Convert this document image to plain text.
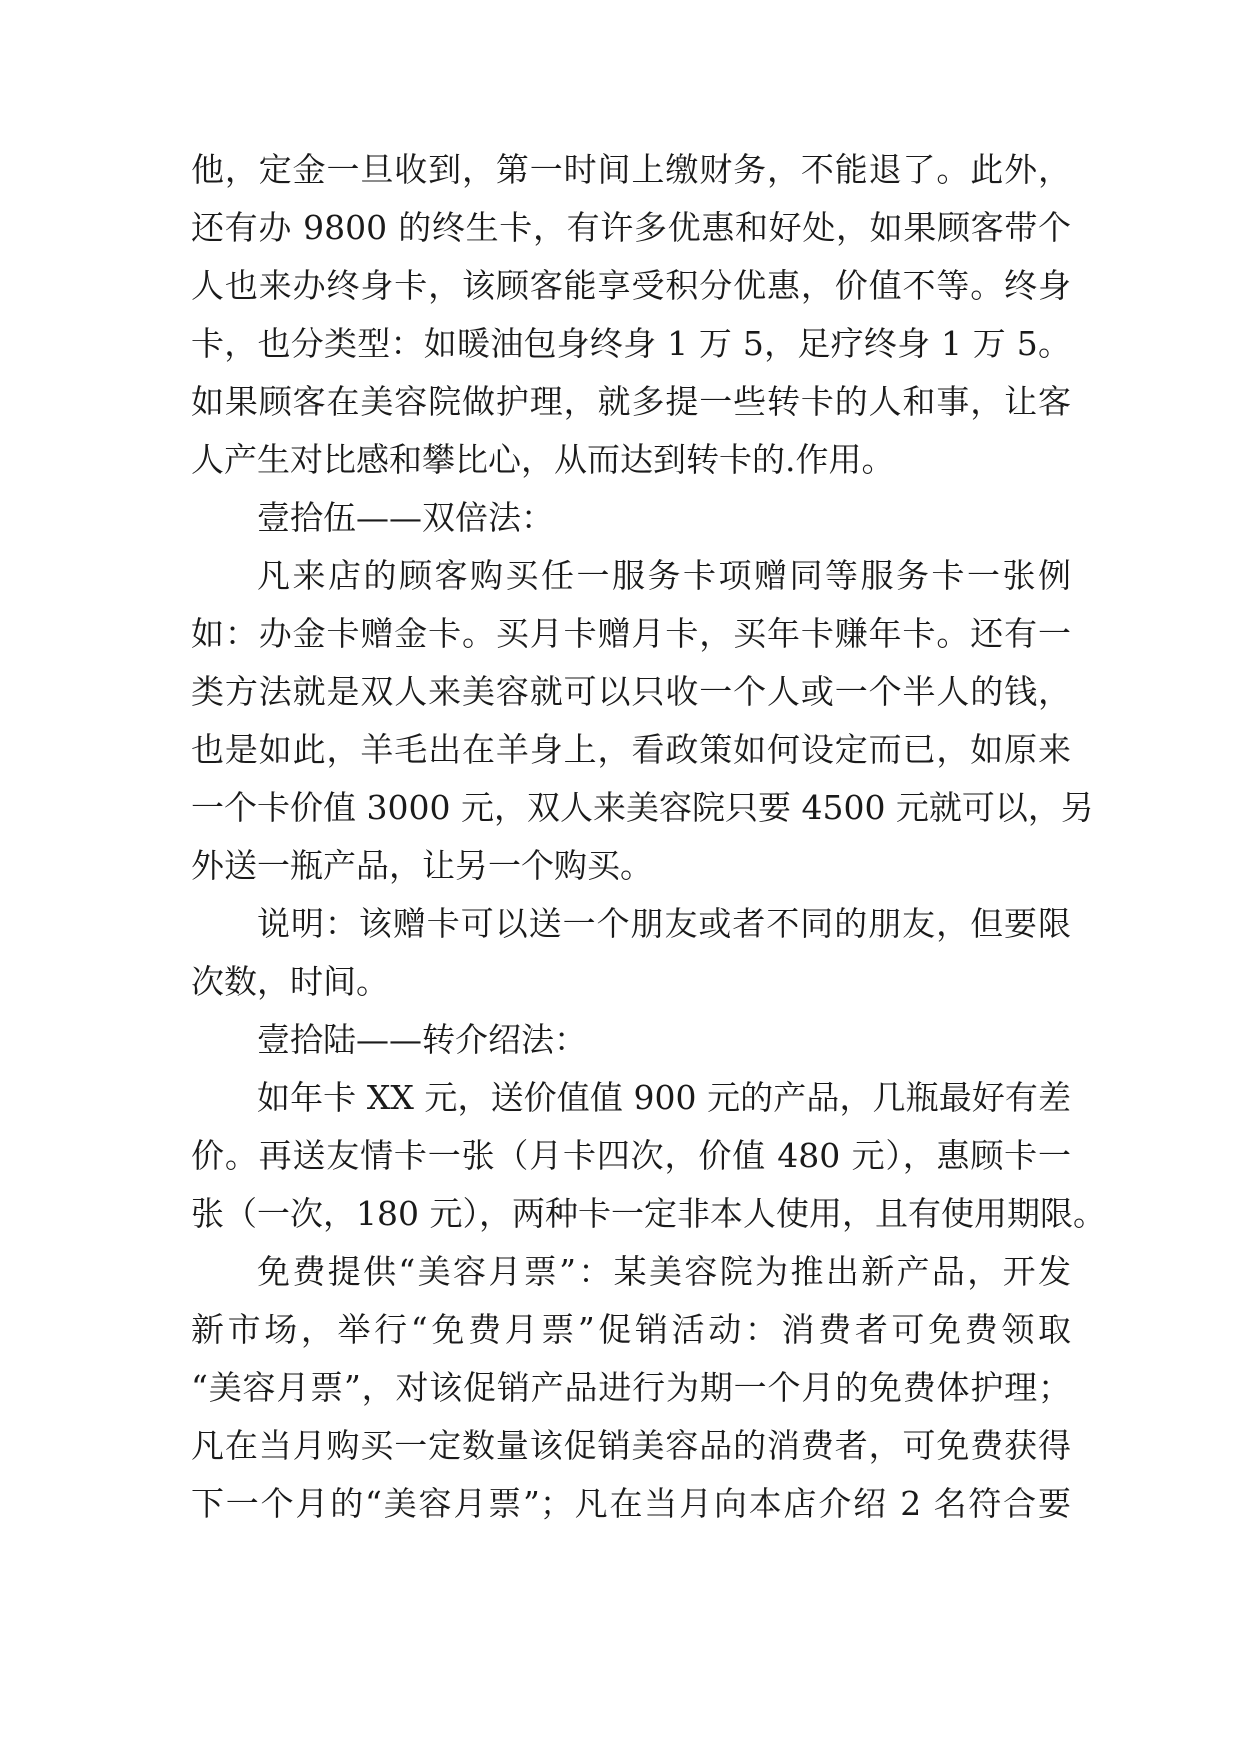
他，定金一旦收到，第一时间上缴财务，不能退了。此外，
还有办 9800 的终生卡，有许多优惠和好处，如果顾客带个
人也来办终身卡，该顾客能享受积分优惠，价值不等。终身
卡，也分类型：如暖油包身终身 1 万 5，足疗终身 1 万 5。
如果顾客在美容院做护理，就多提一些转卡的人和事，让客
人产生对比感和攀比心，从而达到转卡的.作用。
壹拾伍——双倍法：
凡来店的顾客购买任一服务卡项赠同等服务卡一张例
如：办金卡赠金卡。买月卡赠月卡，买年卡赚年卡。还有一
类方法就是双人来美容就可以只收一个人或一个半人的钱，
也是如此，羊毛出在羊身上，看政策如何设定而已，如原来
一个卡价值 3000 元，双人来美容院只要 4500 元就可以，另
外送一瓶产品，让另一个购买。
说明：该赠卡可以送一个朋友或者不同的朋友，但要限
次数，时间。
壹拾陆——转介绍法：
如年卡 XX 元，送价值值 900 元的产品，几瓶最好有差
价。再送友情卡一张（月卡四次，价值 480 元），惠顾卡一
张（一次，180 元），两种卡一定非本人使用，且有使用期限。
免费提供“美容月票”：某美容院为推出新产品，开发
新市场，举行“免费月票”促销活动：消费者可免费领取
“美容月票”，对该促销产品进行为期一个月的免费体护理；
凡在当月购买一定数量该促销美容品的消费者，可免费获得
下一个月的“美容月票”；凡在当月向本店介绍 2 名符合要
